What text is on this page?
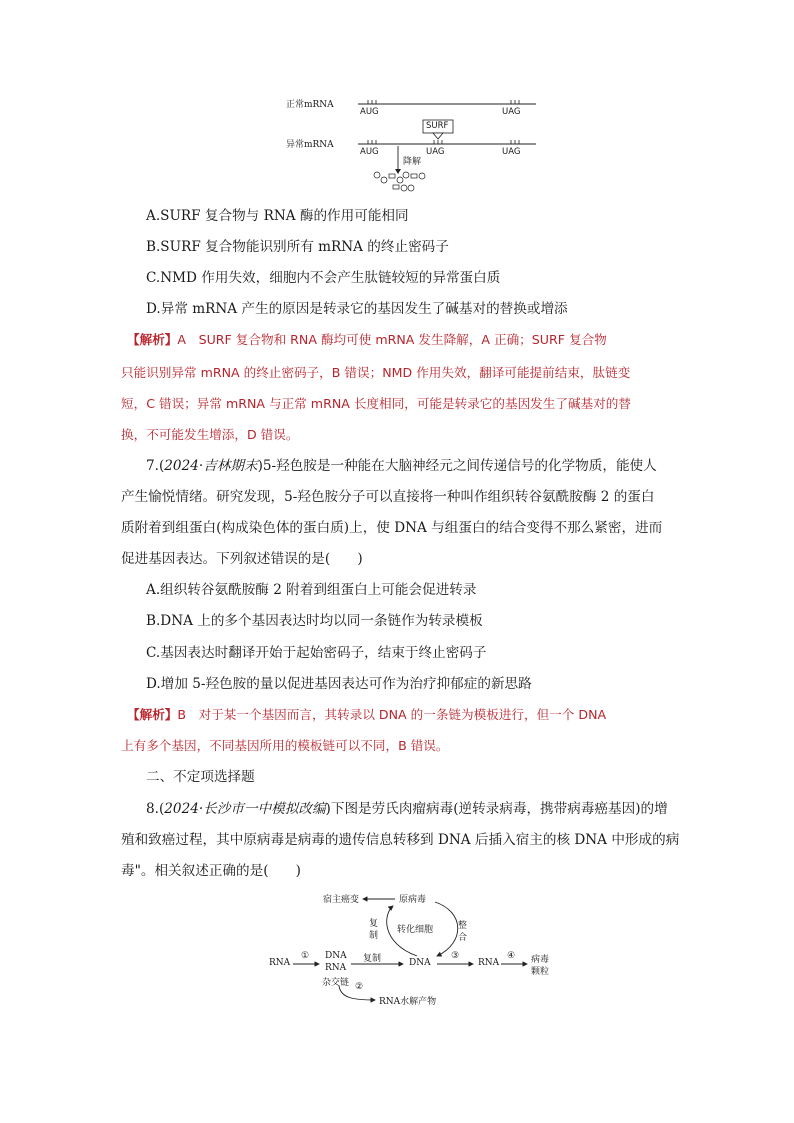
正常mRNA
AUG	UAG
SURF
异常mRNA
AUG	UAG	UAG
降解
A.SURF 复合物与 RNA 酶的作用可能相同
B.SURF 复合物能识别所有 mRNA 的终止密码子
C.NMD 作用失效，细胞内不会产生肽链较短的异常蛋白质
D.异常 mRNA 产生的原因是转录它的基因发生了碱基对的替换或增添
【解析】A　SURF 复合物和 RNA 酶均可使 mRNA 发生降解，A 正确；SURF 复合物
只能识别异常 mRNA 的终止密码子，B 错误；NMD 作用失效，翻译可能提前结束，肽链变
短，C 错误；异常 mRNA 与正常 mRNA 长度相同，可能是转录它的基因发生了碱基对的替
换，不可能发生增添，D 错误。
7.(2024·吉林期末)5-羟色胺是一种能在大脑神经元之间传递信号的化学物质，能使人
产生愉悦情绪。研究发现，5-羟色胺分子可以直接将一种叫作组织转谷氨酰胺酶 2 的蛋白
质附着到组蛋白(构成染色体的蛋白质)上，使 DNA 与组蛋白的结合变得不那么紧密，进而
促进基因表达。下列叙述错误的是(　　)
A.组织转谷氨酰胺酶 2 附着到组蛋白上可能会促进转录
B.DNA 上的多个基因表达时均以同一条链作为转录模板
C.基因表达时翻译开始于起始密码子，结束于终止密码子
D.增加 5-羟色胺的量以促进基因表达可作为治疗抑郁症的新思路
【解析】B　对于某一个基因而言，其转录以 DNA 的一条链为模板进行，但一个 DNA
上有多个基因，不同基因所用的模板链可以不同，B 错误。
二、不定项选择题
8.(2024·长沙市一中模拟改编)下图是劳氏肉瘤病毒(逆转录病毒，携带病毒癌基因)的增
殖和致癌过程，其中原病毒是病毒的遗传信息转移到 DNA 后插入宿主的核 DNA 中形成的病
毒"。相关叙述正确的是(　　)
宿主癌变	原病毒
复
制
转化细胞	整
合
RNA
① DNA
RNA
杂交链
复制	DNA
③
RNA
④ 病毒
颗粒
②
RNA水解产物
